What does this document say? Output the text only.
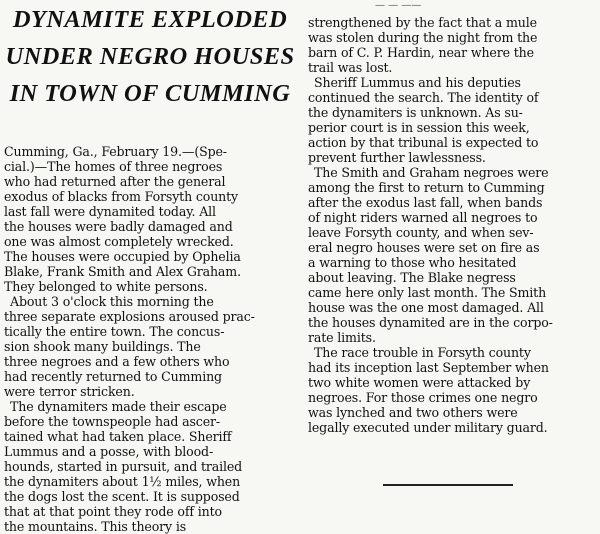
DYNAMITE EXPLODED
UNDER NEGRO HOUSES
IN TOWN OF CUMMING
— — ——
Cumming, Ga., February 19.—(Spe-
cial.)—The homes of three negroes
who had returned after the general
exodus of blacks from Forsyth county
last fall were dynamited today. All
the houses were badly damaged and
one was almost completely wrecked.
The houses were occupied by Ophelia
Blake, Frank Smith and Alex Graham.
They belonged to white persons.
About 3 o'clock this morning the
three separate explosions aroused prac-
tically the entire town. The concus-
sion shook many buildings. The
three negroes and a few others who
had recently returned to Cumming
were terror stricken.
The dynamiters made their escape
before the townspeople had ascer-
tained what had taken place. Sheriff
Lummus and a posse, with blood-
hounds, started in pursuit, and trailed
the dynamiters about 1½ miles, when
the dogs lost the scent. It is supposed
that at that point they rode off into
the mountains. This theory is
strengthened by the fact that a mule
was stolen during the night from the
barn of C. P. Hardin, near where the
trail was lost.
Sheriff Lummus and his deputies
continued the search. The identity of
the dynamiters is unknown. As su-
perior court is in session this week,
action by that tribunal is expected to
prevent further lawlessness.
The Smith and Graham negroes were
among the first to return to Cumming
after the exodus last fall, when bands
of night riders warned all negroes to
leave Forsyth county, and when sev-
eral negro houses were set on fire as
a warning to those who hesitated
about leaving. The Blake negress
came here only last month. The Smith
house was the one most damaged. All
the houses dynamited are in the corpo-
rate limits.
The race trouble in Forsyth county
had its inception last September when
two white women were attacked by
negroes. For those crimes one negro
was lynched and two others were
legally executed under military guard.
